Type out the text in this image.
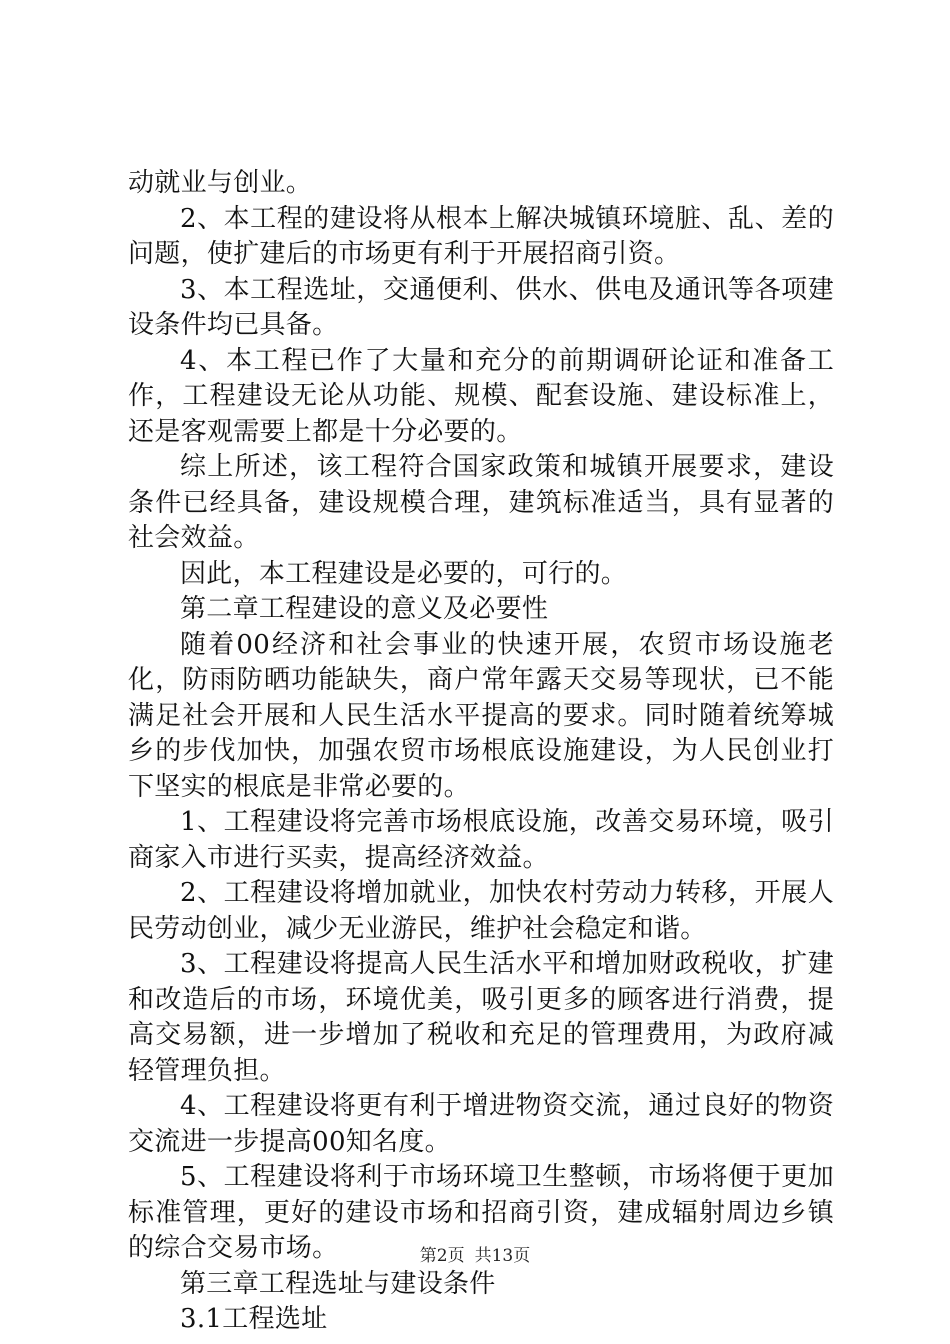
动就业与创业。

2、本工程的建设将从根本上解决城镇环境脏、乱、差的问题，使扩建后的市场更有利于开展招商引资。

3、本工程选址，交通便利、供水、供电及通讯等各项建设条件均已具备。

4、本工程已作了大量和充分的前期调研论证和准备工作，工程建设无论从功能、规模、配套设施、建设标准上，还是客观需要上都是十分必要的。

综上所述，该工程符合国家政策和城镇开展要求，建设条件已经具备，建设规模合理，建筑标准适当，具有显著的社会效益。

因此，本工程建设是必要的，可行的。

第二章工程建设的意义及必要性

随着00经济和社会事业的快速开展，农贸市场设施老化，防雨防晒功能缺失，商户常年露天交易等现状，已不能满足社会开展和人民生活水平提高的要求。同时随着统筹城乡的步伐加快，加强农贸市场根底设施建设，为人民创业打下坚实的根底是非常必要的。

1、工程建设将完善市场根底设施，改善交易环境，吸引商家入市进行买卖，提高经济效益。

2、工程建设将增加就业，加快农村劳动力转移，开展人民劳动创业，减少无业游民，维护社会稳定和谐。

3、工程建设将提高人民生活水平和增加财政税收，扩建和改造后的市场，环境优美，吸引更多的顾客进行消费，提高交易额，进一步增加了税收和充足的管理费用，为政府减轻管理负担。

4、工程建设将更有利于增进物资交流，通过良好的物资交流进一步提高00知名度。

5、工程建设将利于市场环境卫生整顿，市场将便于更加标准管理，更好的建设市场和招商引资，建成辐射周边乡镇的综合交易市场。

第三章工程选址与建设条件

3.1工程选址

第2页 共13页
